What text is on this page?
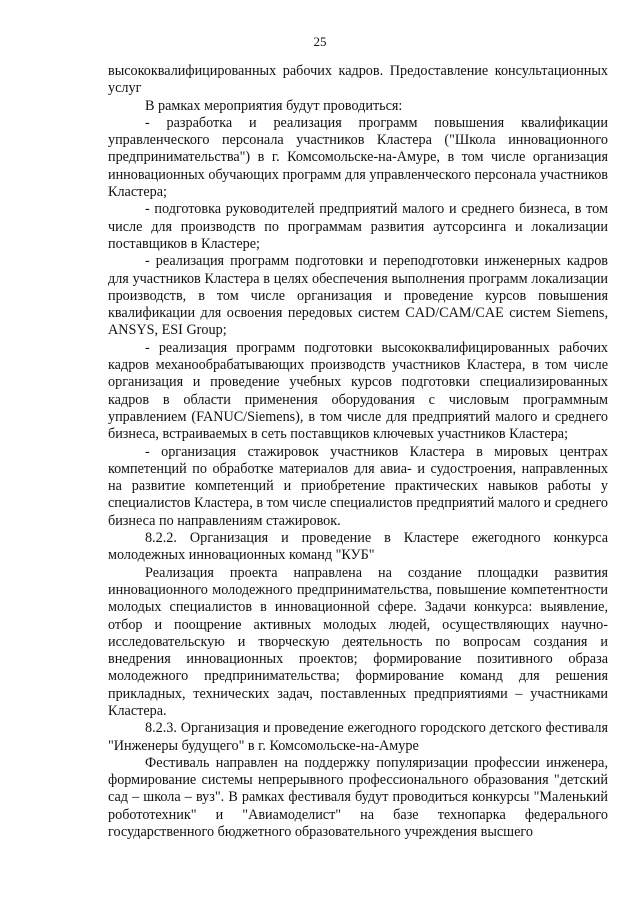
25

высококвалифицированных рабочих кадров. Предоставление консультационных услуг

В рамках мероприятия будут проводиться:

- разработка и реализация программ повышения квалификации управленческого персонала участников Кластера ("Школа инновационного предпринимательства") в г. Комсомольске-на-Амуре, в том числе организация инновационных обучающих программ для управленческого персонала участников Кластера;

- подготовка руководителей предприятий малого и среднего бизнеса, в том числе для производств по программам развития аутсорсинга и локализации поставщиков в Кластере;

- реализация программ подготовки и переподготовки инженерных кадров для участников Кластера в целях обеспечения выполнения программ локализации производств, в том числе организация и проведение курсов повышения квалификации для освоения передовых систем CAD/CAM/CAE систем Siemens, ANSYS, ESI Group;

- реализация программ подготовки высококвалифицированных рабочих кадров механообрабатывающих производств участников Кластера, в том числе организация и проведение учебных курсов подготовки специализированных кадров в области применения оборудования с числовым программным управлением (FANUC/Siemens), в том числе для предприятий малого и среднего бизнеса, встраиваемых в сеть поставщиков ключевых участников Кластера;

- организация стажировок участников Кластера в мировых центрах компетенций по обработке материалов для авиа- и судостроения, направленных на развитие компетенций и приобретение практических навыков работы у специалистов Кластера, в том числе специалистов предприятий малого и среднего бизнеса по направлениям стажировок.

8.2.2. Организация и проведение в Кластере ежегодного конкурса молодежных инновационных команд "КУБ"

Реализация проекта направлена на создание площадки развития инновационного молодежного предпринимательства, повышение компетентности молодых специалистов в инновационной сфере. Задачи конкурса: выявление, отбор и поощрение активных молодых людей, осуществляющих научно-исследовательскую и творческую деятельность по вопросам создания и внедрения инновационных проектов; формирование позитивного образа молодежного предпринимательства; формирование команд для решения прикладных, технических задач, поставленных предприятиями – участниками Кластера.

8.2.3. Организация и проведение ежегодного городского детского фестиваля "Инженеры будущего" в г. Комсомольске-на-Амуре

Фестиваль направлен на поддержку популяризации профессии инженера, формирование системы непрерывного профессионального образования "детский сад – школа – вуз". В рамках фестиваля будут проводиться конкурсы "Маленький робототехник" и "Авиамоделист" на базе технопарка федерального государственного бюджетного образовательного учреждения высшего
